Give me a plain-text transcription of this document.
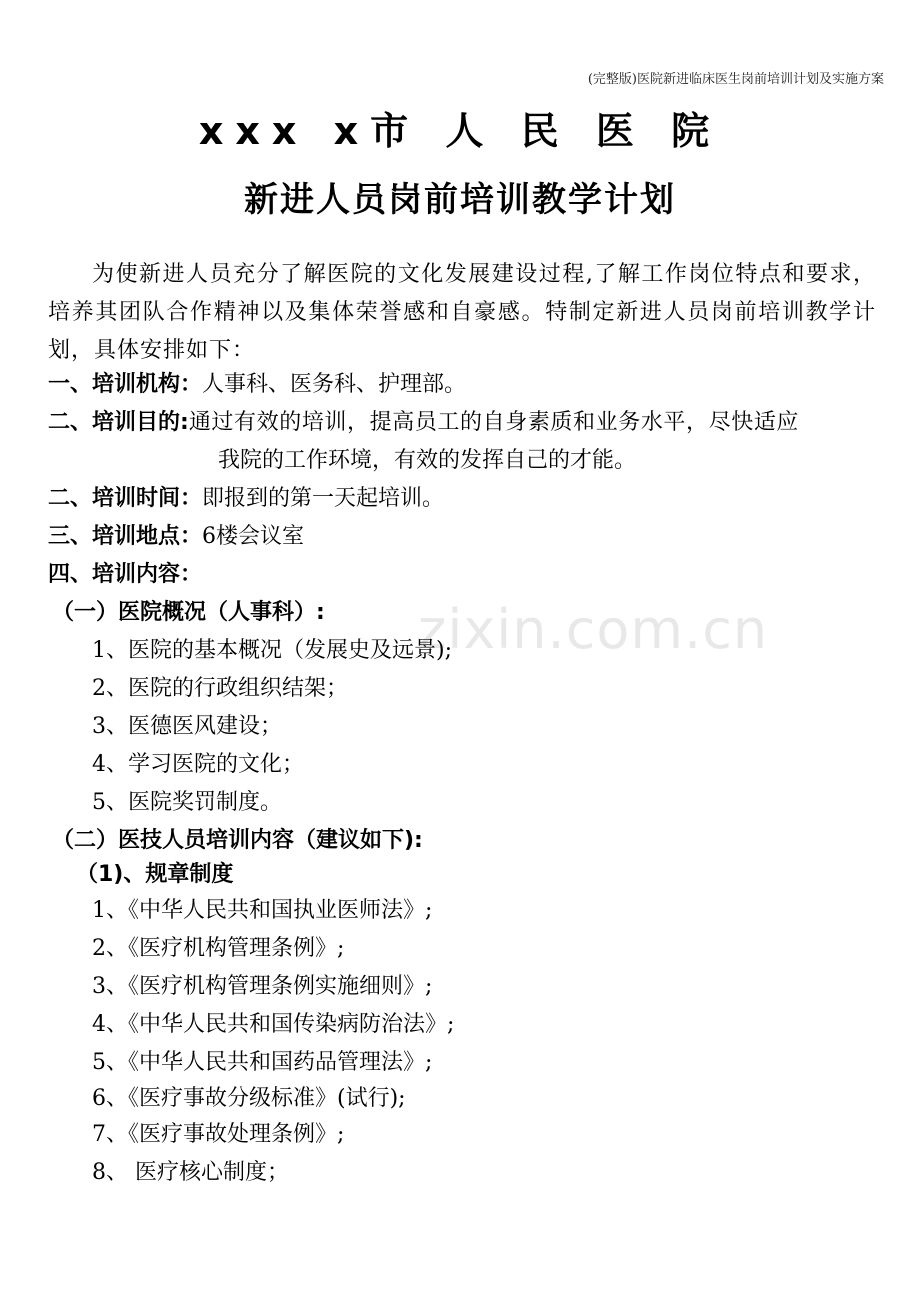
(完整版)医院新进临床医生岗前培训计划及实施方案
xxx x市 人 民 医 院
新进人员岗前培训教学计划
为使新进人员充分了解医院的文化发展建设过程,了解工作岗位特点和要求，培养其团队合作精神以及集体荣誉感和自豪感。特制定新进人员岗前培训教学计划，具体安排如下：
一、培训机构：人事科、医务科、护理部。
二、培训目的:通过有效的培训，提高员工的自身素质和业务水平，尽快适应
我院的工作环境，有效的发挥自己的才能。
二、培训时间：即报到的第一天起培训。
三、培训地点：6楼会议室
四、培训内容：
（一）医院概况（人事科）:
1、医院的基本概况（发展史及远景);
2、医院的行政组织结架；
3、医德医风建设；
4、学习医院的文化；
5、医院奖罚制度。
（二）医技人员培训内容（建议如下):
（1)、规章制度
1、《中华人民共和国执业医师法》;
2、《医疗机构管理条例》;
3、《医疗机构管理条例实施细则》;
4、《中华人民共和国传染病防治法》;
5、《中华人民共和国药品管理法》;
6、《医疗事故分级标准》(试行);
7、《医疗事故处理条例》;
8、 医疗核心制度；
zixin.com.cn
